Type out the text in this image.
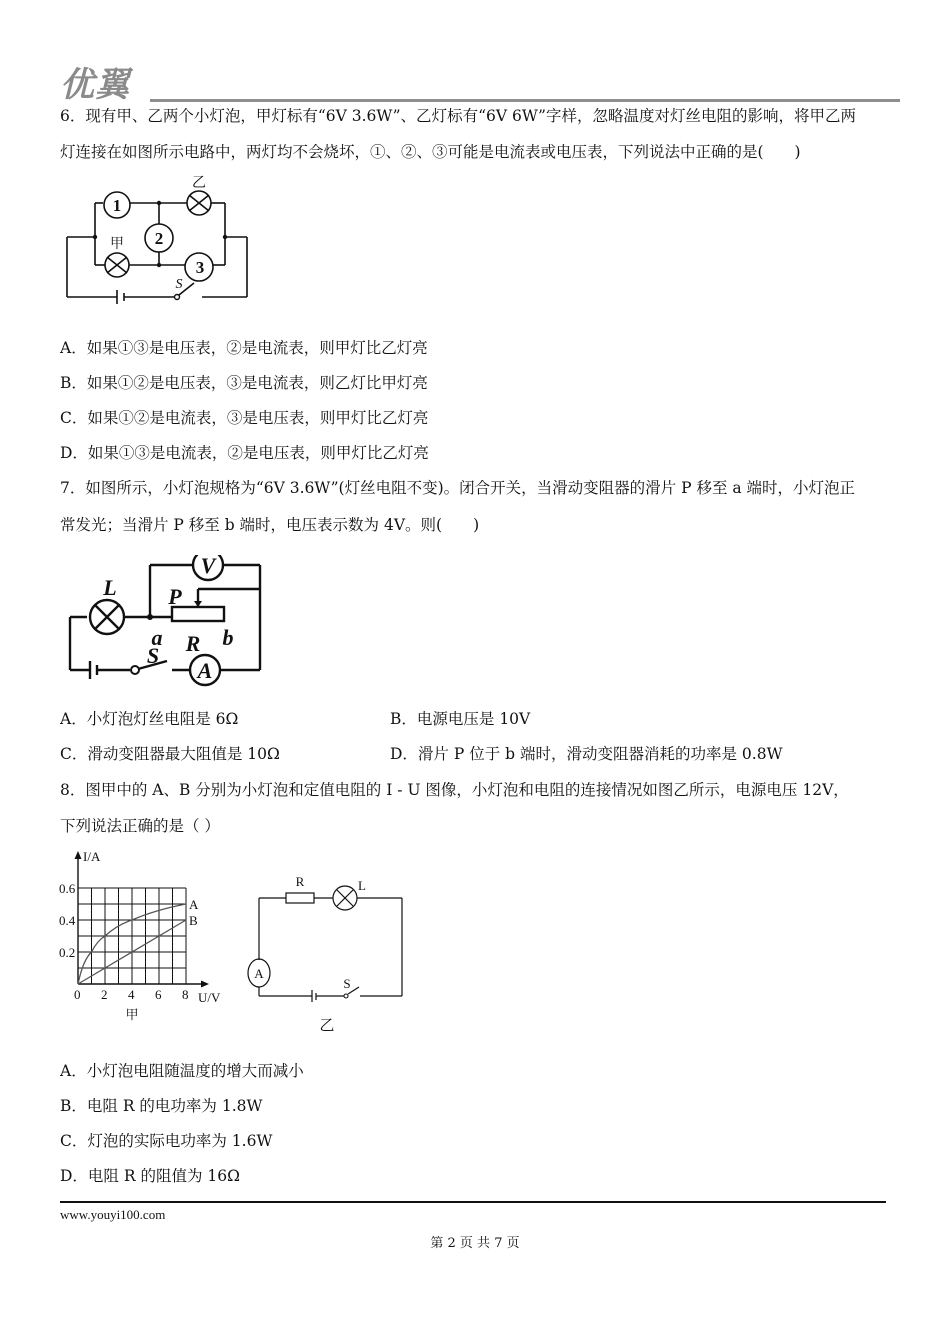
优翼
6．现有甲、乙两个小灯泡，甲灯标有“6V 3.6W”、乙灯标有“6V 6W”字样，忽略温度对灯丝电阻的影响，将甲乙两
灯连接在如图所示电路中，两灯均不会烧坏，①、②、③可能是电流表或电压表，下列说法中正确的是(　　)
1
2
3
乙
甲
S
A．如果①③是电压表，②是电流表，则甲灯比乙灯亮
B．如果①②是电压表，③是电流表，则乙灯比甲灯亮
C．如果①②是电流表，③是电压表，则甲灯比乙灯亮
D．如果①③是电流表，②是电压表，则甲灯比乙灯亮
7．如图所示，小灯泡规格为“6V 3.6W”(灯丝电阻不变)。闭合开关，当滑动变阻器的滑片 P 移至 a 端时，小灯泡正
常发光；当滑片 P 移至 b 端时，电压表示数为 4V。则(　　)
V
A
L P
R
a	b
S
A．小灯泡灯丝电阻是 6Ω	B．电源电压是 10V
C．滑动变阻器最大阻值是 10Ω	D．滑片 P 位于 b 端时，滑动变阻器消耗的功率是 0.8W
8．图甲中的 A、B 分别为小灯泡和定值电阻的 I - U 图像，小灯泡和电阻的连接情况如图乙所示，电源电压 12V，
下列说法正确的是（ ）
I/A
0.6
0.4
0.2
0 2 4 6 8 U/V
A
B
甲
R	L
A
S
乙
A．小灯泡电阻随温度的增大而减小
B．电阻 R 的电功率为 1.8W
C．灯泡的实际电功率为 1.6W
D．电阻 R 的阻值为 16Ω
www.youyi100.com
第 2 页 共 7 页
